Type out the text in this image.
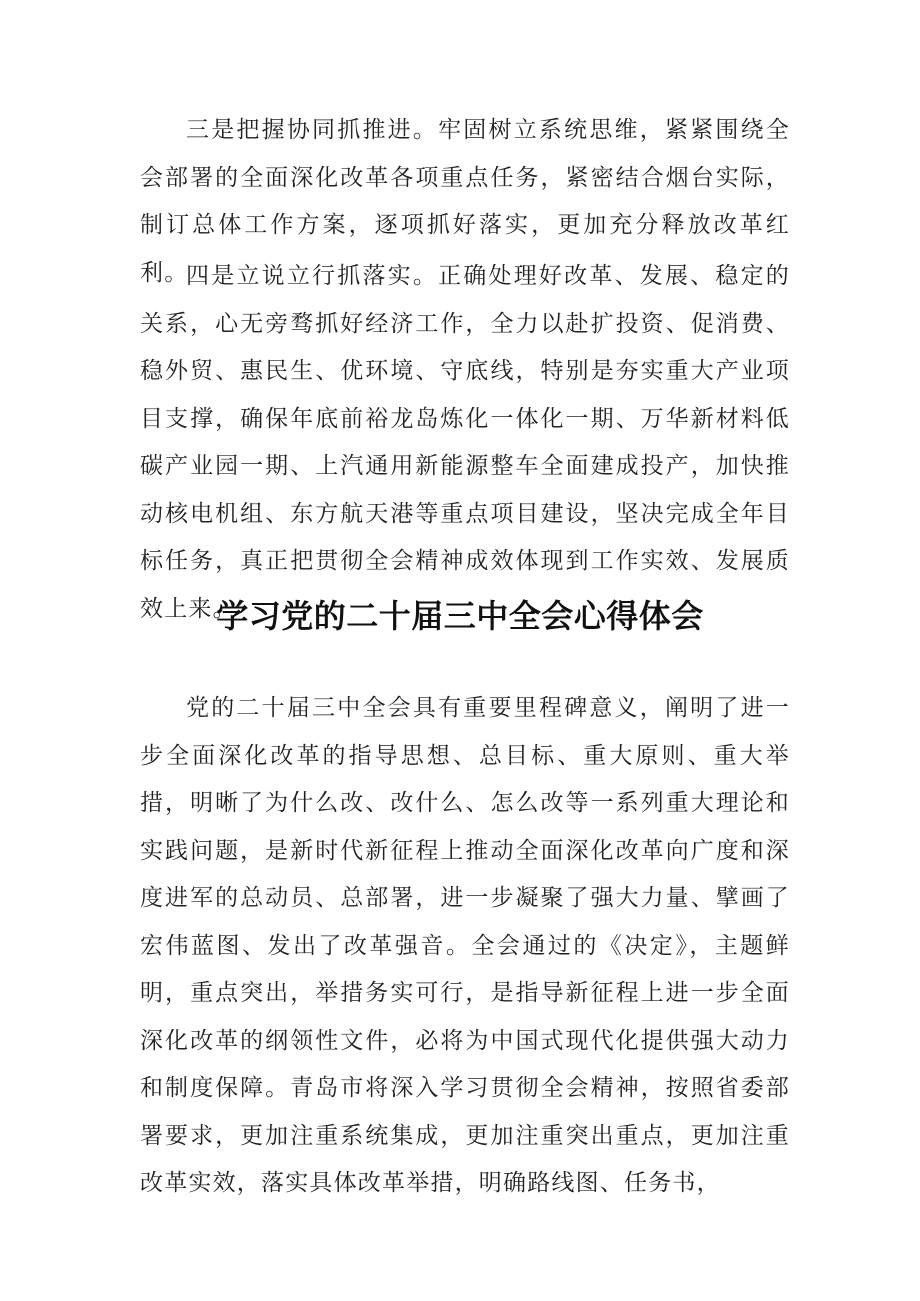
三是把握协同抓推进。牢固树立系统思维，紧紧围绕全会部署的全面深化改革各项重点任务，紧密结合烟台实际，制订总体工作方案，逐项抓好落实，更加充分释放改革红利。

四是立说立行抓落实。正确处理好改革、发展、稳定的关系，心无旁骛抓好经济工作，全力以赴扩投资、促消费、稳外贸、惠民生、优环境、守底线，特别是夯实重大产业项目支撑，确保年底前裕龙岛炼化一体化一期、万华新材料低碳产业园一期、上汽通用新能源整车全面建成投产，加快推动核电机组、东方航天港等重点项目建设，坚决完成全年目标任务，真正把贯彻全会精神成效体现到工作实效、发展质效上来。

学习党的二十届三中全会心得体会

党的二十届三中全会具有重要里程碑意义，阐明了进一步全面深化改革的指导思想、总目标、重大原则、重大举措，明晰了为什么改、改什么、怎么改等一系列重大理论和实践问题，是新时代新征程上推动全面深化改革向广度和深度进军的总动员、总部署，进一步凝聚了强大力量、擘画了宏伟蓝图、发出了改革强音。全会通过的《决定》，主题鲜明，重点突出，举措务实可行，是指导新征程上进一步全面深化改革的纲领性文件，必将为中国式现代化提供强大动力和制度保障。青岛市将深入学习贯彻全会精神，按照省委部署要求，更加注重系统集成，更加注重突出重点，更加注重改革实效，落实具体改革举措，明确路线图、任务书，
